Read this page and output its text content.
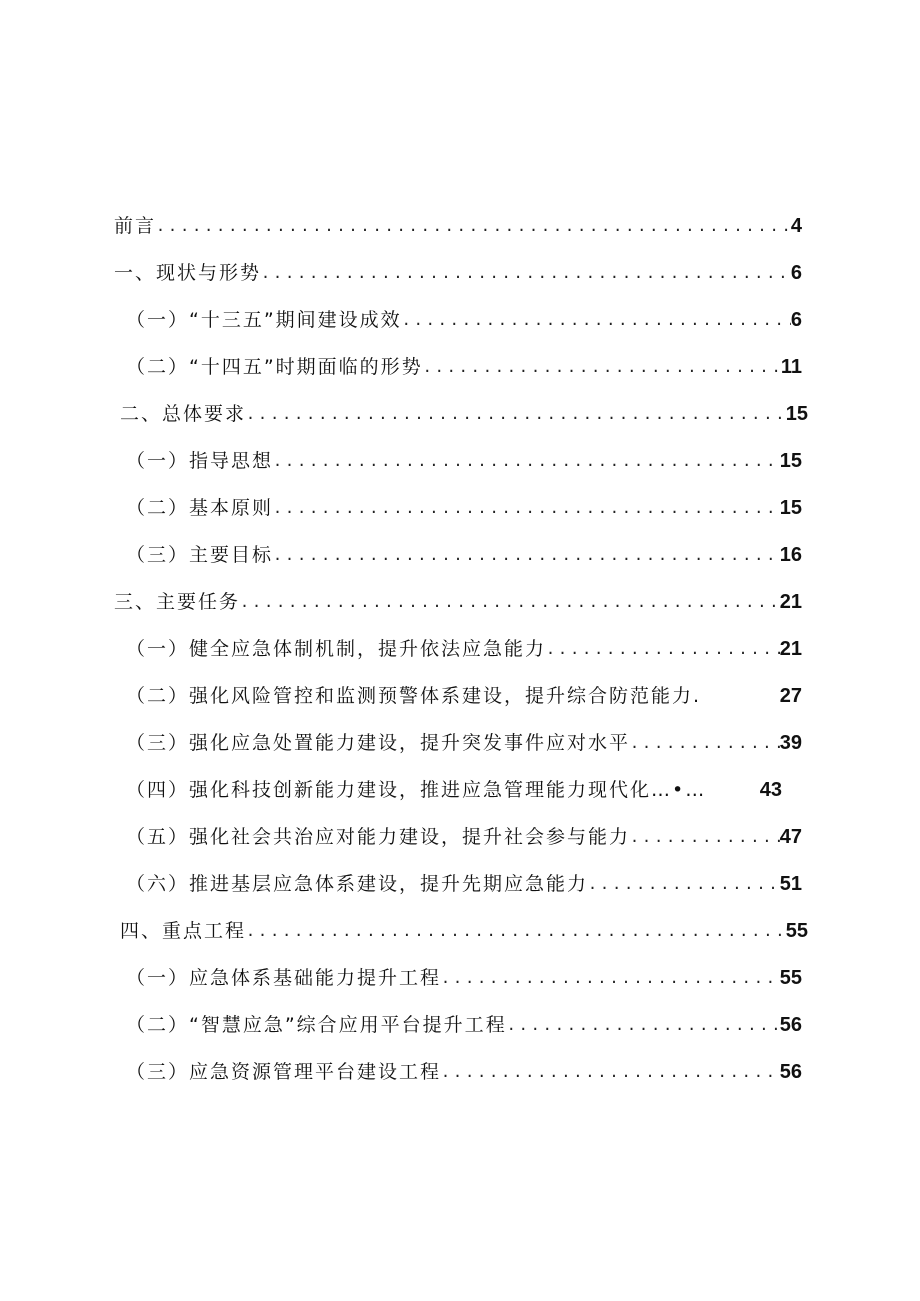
前言 .....	4
一、现状与形势 .....	6
（一）“十三五”期间建设成效 .....	6
（二）“十四五”时期面临的形势 .....	11
二、总体要求 .....	15
（一）指导思想 .....	15
（二）基本原则 .....	15
（三）主要目标 .....	16
三、主要任务 .....	21
（一）健全应急体制机制，提升依法应急能力 .....	21
（二）强化风险管控和监测预警体系建设，提升综合防范能力.	27
（三）强化应急处置能力建设，提升突发事件应对水平 .....	39
（四）强化科技创新能力建设，推进应急管理能力现代化…•…	43
（五）强化社会共治应对能力建设，提升社会参与能力 .....	47
（六）推进基层应急体系建设，提升先期应急能力 .....	51
四、重点工程 .....	55
（一）应急体系基础能力提升工程 .....	55
（二）“智慧应急”综合应用平台提升工程 .....	56
（三）应急资源管理平台建设工程 .....	56
